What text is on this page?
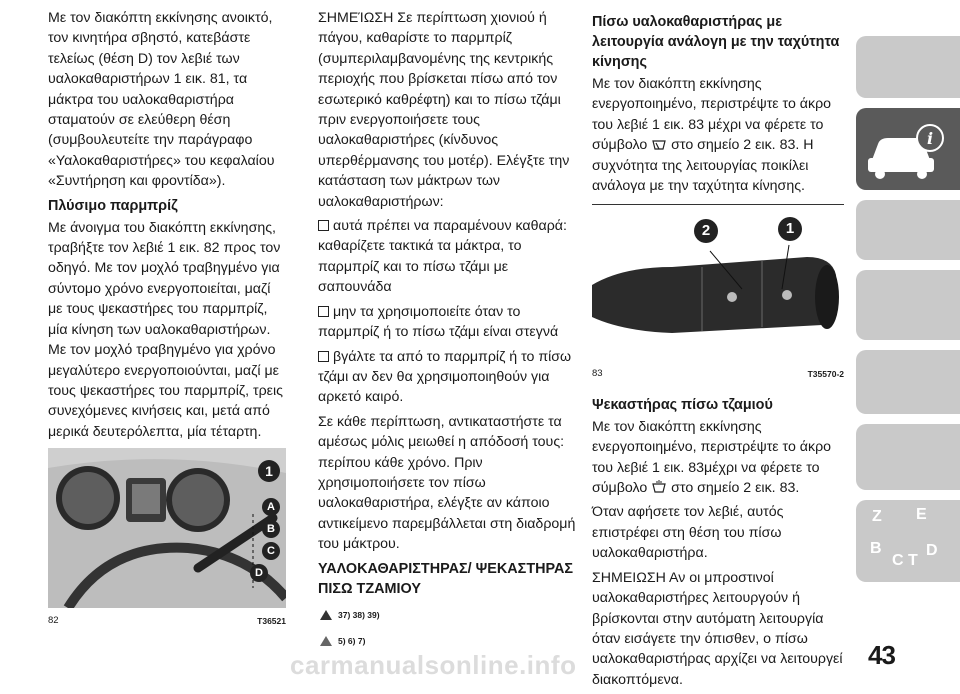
Με τον διακόπτη εκκίνησης ανοικτό, τον κινητήρα σβηστό, κατεβάστε τελείως (θέση D) τον λεβιέ των υαλοκαθαριστήρων 1 εικ. 81, τα μάκτρα του υαλοκαθαριστήρα σταματούν σε ελεύθερη θέση (συμβουλευτείτε την παράγραφο «Υαλοκαθαριστήρες» του κεφαλαίου «Συντήρηση και φροντίδα»).

Πλύσιμο παρμπρίζ

Με άνοιγμα του διακόπτη εκκίνησης, τραβήξτε τον λεβιέ 1 εικ. 82 προς τον οδηγό. Με τον μοχλό τραβηγμένο για σύντομο χρόνο ενεργοποιείται, μαζί με τους ψεκαστήρες του παρμπρίζ, μία κίνηση των υαλοκαθαριστήρων. Με τον μοχλό τραβηγμένο για χρόνο μεγαλύτερο ενεργοποιούνται, μαζί με τους ψεκαστήρες του παρμπρίζ, τρεις συνεχόμενες κινήσεις και, μετά από μερικά δευτερόλεπτα, μία τέταρτη.

1
A
B
C
D
82	T36521

ΣΗΜΕΊΩΣΗ Σε περίπτωση χιονιού ή πάγου, καθαρίστε το παρμπρίζ (συμπεριλαμβανομένης της κεντρικής περιοχής που βρίσκεται πίσω από τον εσωτερικό καθρέφτη) και το πίσω τζάμι πριν ενεργοποιήσετε τους υαλοκαθαριστήρες (κίνδυνος υπερθέρμανσης του μοτέρ). Ελέγξτε την κατάσταση των μάκτρων των υαλοκαθαριστήρων:

αυτά πρέπει να παραμένουν καθαρά: καθαρίζετε τακτικά τα μάκτρα, το παρμπρίζ και το πίσω τζάμι με σαπουνάδα

μην τα χρησιμοποιείτε όταν το παρμπρίζ ή το πίσω τζάμι είναι στεγνά

βγάλτε τα από το παρμπρίζ ή το πίσω τζάμι αν δεν θα χρησιμοποιηθούν για αρκετό καιρό.

Σε κάθε περίπτωση, αντικαταστήστε τα αμέσως μόλις μειωθεί η απόδοσή τους: περίπου κάθε χρόνο. Πριν χρησιμοποιήσετε τον πίσω υαλοκαθαριστήρα, ελέγξτε αν κάποιο αντικείμενο παρεμβάλλεται στη διαδρομή του μάκτρου.

ΥΑΛΟΚΑΘΑΡΙΣΤΗΡΑΣ/ ΨΕΚΑΣΤΗΡΑΣ ΠΙΣΩ ΤΖΑΜΙΟΥ
37) 38) 39)
5) 6) 7)
Πίσω υαλοκαθαριστήρας με λειτουργία ανάλογη με την ταχύτητα κίνησης

Με τον διακόπτη εκκίνησης ενεργοποιημένο, περιστρέψτε το άκρο του λεβιέ 1 εικ. 83 μέχρι να φέρετε το σύμβολο στο σημείο 2 εικ. 83. Η συχνότητα της λειτουργίας ποικίλει ανάλογα με την ταχύτητα κίνησης.

2	1
83	T35570-2
Ψεκαστήρας πίσω τζαμιού

Με τον διακόπτη εκκίνησης ενεργοποιημένο, περιστρέψτε το άκρο του λεβιέ 1 εικ. 83μέχρι να φέρετε το σύμβολο στο σημείο 2 εικ. 83.

Όταν αφήσετε τον λεβιέ, αυτός επιστρέφει στη θέση του πίσω υαλοκαθαριστήρα.

ΣΗΜΕΙΩΣΗ Αν οι μπροστινοί υαλοκαθαριστήρες λειτουργούν ή βρίσκονται στην αυτόματη λειτουργία όταν εισάγετε την όπισθεν, ο πίσω υαλοκαθαριστήρας αρχίζει να λειτουργεί διακοπτόμενα.

i
Z E
B
C T
D
43
carmanualsonline.info
